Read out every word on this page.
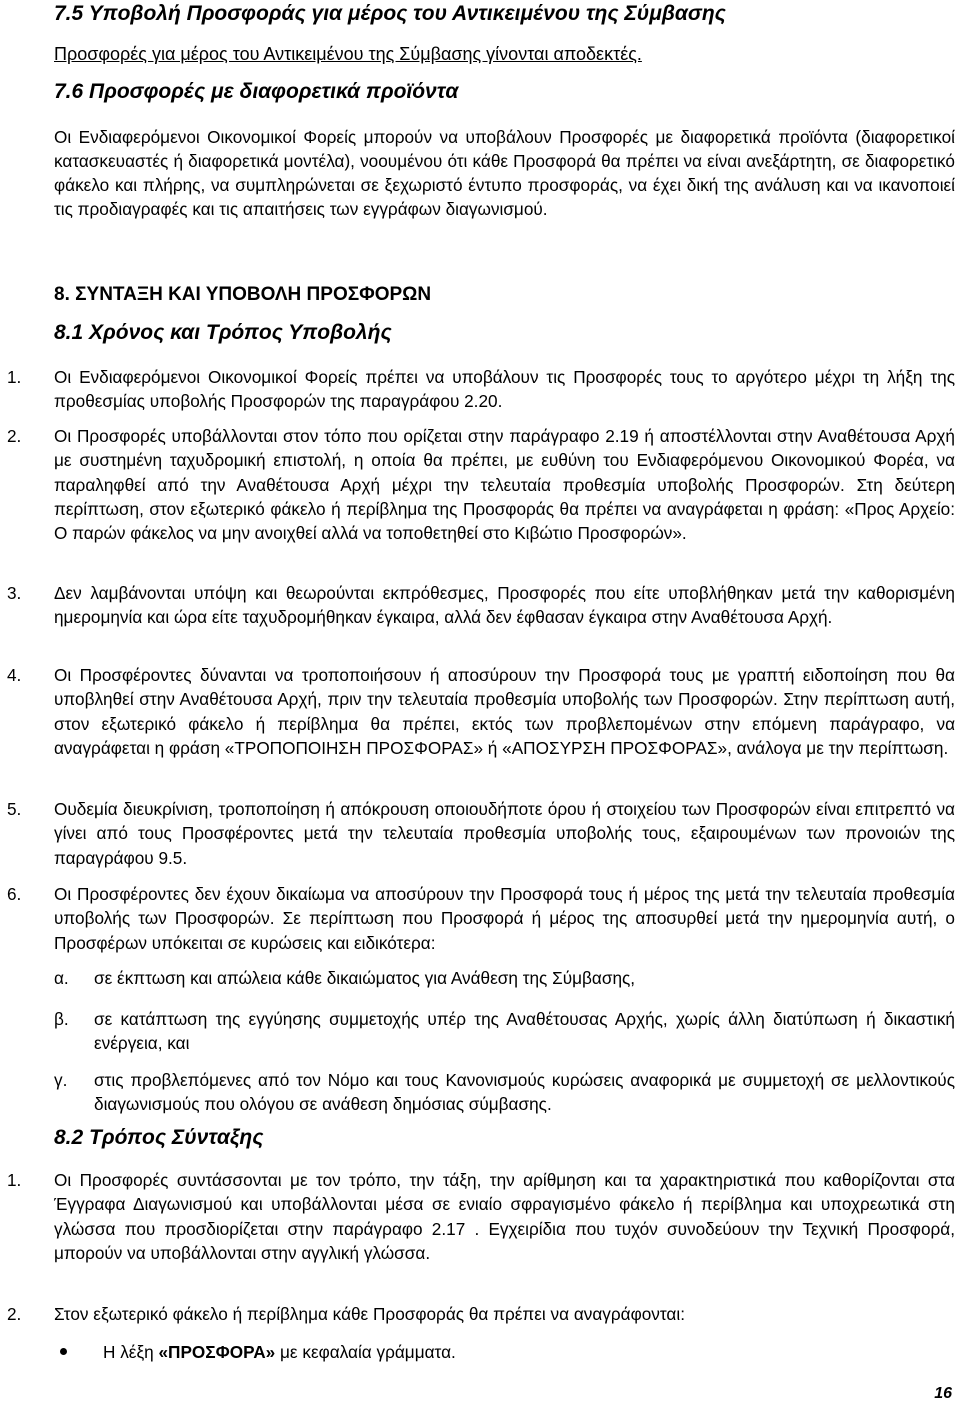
7.5 Υποβολή Προσφοράς για μέρος του Αντικειμένου της Σύμβασης
Προσφορές για μέρος του Αντικειμένου της Σύμβασης γίνονται αποδεκτές.
7.6 Προσφορές με διαφορετικά προϊόντα
Οι Ενδιαφερόμενοι Οικονομικοί Φορείς μπορούν να υποβάλουν Προσφορές με διαφορετικά προϊόντα (διαφορετικοί κατασκευαστές ή διαφορετικά μοντέλα), νοουμένου ότι κάθε Προσφορά θα πρέπει να είναι ανεξάρτητη, σε διαφορετικό φάκελο και πλήρης, να συμπληρώνεται σε ξεχωριστό έντυπο προσφοράς, να έχει δική της ανάλυση και να ικανοποιεί τις προδιαγραφές και τις απαιτήσεις των εγγράφων διαγωνισμού.
8. ΣΥΝΤΑΞΗ ΚΑΙ ΥΠΟΒΟΛΗ ΠΡΟΣΦΟΡΩΝ
8.1 Χρόνος και Τρόπος Υποβολής
1. Οι Ενδιαφερόμενοι Οικονομικοί Φορείς πρέπει να υποβάλουν τις Προσφορές τους το αργότερο μέχρι τη λήξη της προθεσμίας υποβολής Προσφορών της παραγράφου 2.20.
2. Οι Προσφορές υποβάλλονται στον τόπο που ορίζεται στην παράγραφο 2.19 ή αποστέλλονται στην Αναθέτουσα Αρχή με συστημένη ταχυδρομική επιστολή, η οποία θα πρέπει, με ευθύνη του Ενδιαφερόμενου Οικονομικού Φορέα, να παραληφθεί από την Αναθέτουσα Αρχή μέχρι την τελευταία προθεσμία υποβολής Προσφορών. Στη δεύτερη περίπτωση, στον εξωτερικό φάκελο ή περίβλημα της Προσφοράς θα πρέπει να αναγράφεται η φράση: «Προς Αρχείο: Ο παρών φάκελος να μην ανοιχθεί αλλά να τοποθετηθεί στο Κιβώτιο Προσφορών».
3. Δεν λαμβάνονται υπόψη και θεωρούνται εκπρόθεσμες, Προσφορές που είτε υποβλήθηκαν μετά την καθορισμένη ημερομηνία και ώρα είτε ταχυδρομήθηκαν έγκαιρα, αλλά δεν έφθασαν έγκαιρα στην Αναθέτουσα Αρχή.
4. Οι Προσφέροντες δύνανται να τροποποιήσουν ή αποσύρουν την Προσφορά τους με γραπτή ειδοποίηση που θα υποβληθεί στην Αναθέτουσα Αρχή, πριν την τελευταία προθεσμία υποβολής των Προσφορών. Στην περίπτωση αυτή, στον εξωτερικό φάκελο ή περίβλημα θα πρέπει, εκτός των προβλεπομένων στην επόμενη παράγραφο, να αναγράφεται η φράση «ΤΡΟΠΟΠΟΙΗΣΗ ΠΡΟΣΦΟΡΑΣ» ή «ΑΠΟΣΥΡΣΗ ΠΡΟΣΦΟΡΑΣ», ανάλογα με την περίπτωση.
5. Ουδεμία διευκρίνιση, τροποποίηση ή απόκρουση οποιουδήποτε όρου ή στοιχείου των Προσφορών είναι επιτρεπτό να γίνει από τους Προσφέροντες μετά την τελευταία προθεσμία υποβολής τους, εξαιρουμένων των προνοιών της παραγράφου 9.5.
6. Οι Προσφέροντες δεν έχουν δικαίωμα να αποσύρουν την Προσφορά τους ή μέρος της μετά την τελευταία προθεσμία υποβολής των Προσφορών. Σε περίπτωση που Προσφορά ή μέρος της αποσυρθεί μετά την ημερομηνία αυτή, ο Προσφέρων υπόκειται σε κυρώσεις και ειδικότερα:
α. σε έκπτωση και απώλεια κάθε δικαιώματος για Ανάθεση της Σύμβασης,
β. σε κατάπτωση της εγγύησης συμμετοχής υπέρ της Αναθέτουσας Αρχής, χωρίς άλλη διατύπωση ή δικαστική ενέργεια, και
γ. στις προβλεπόμενες από τον Νόμο και τους Κανονισμούς κυρώσεις αναφορικά με συμμετοχή σε μελλοντικούς διαγωνισμούς που ολόγου σε ανάθεση δημόσιας σύμβασης.
8.2 Τρόπος Σύνταξης
1. Οι Προσφορές συντάσσονται με τον τρόπο, την τάξη, την αρίθμηση και τα χαρακτηριστικά που καθορίζονται στα Έγγραφα Διαγωνισμού και υποβάλλονται μέσα σε ενιαίο σφραγισμένο φάκελο ή περίβλημα και υποχρεωτικά στη γλώσσα που προσδιορίζεται στην παράγραφο 2.17 . Εγχειρίδια που τυχόν συνοδεύουν την Τεχνική Προσφορά, μπορούν να υποβάλλονται στην αγγλική γλώσσα.
2. Στον εξωτερικό φάκελο ή περίβλημα κάθε Προσφοράς θα πρέπει να αναγράφονται:
Η λέξη «ΠΡΟΣΦΟΡΑ» με κεφαλαία γράμματα.
16
